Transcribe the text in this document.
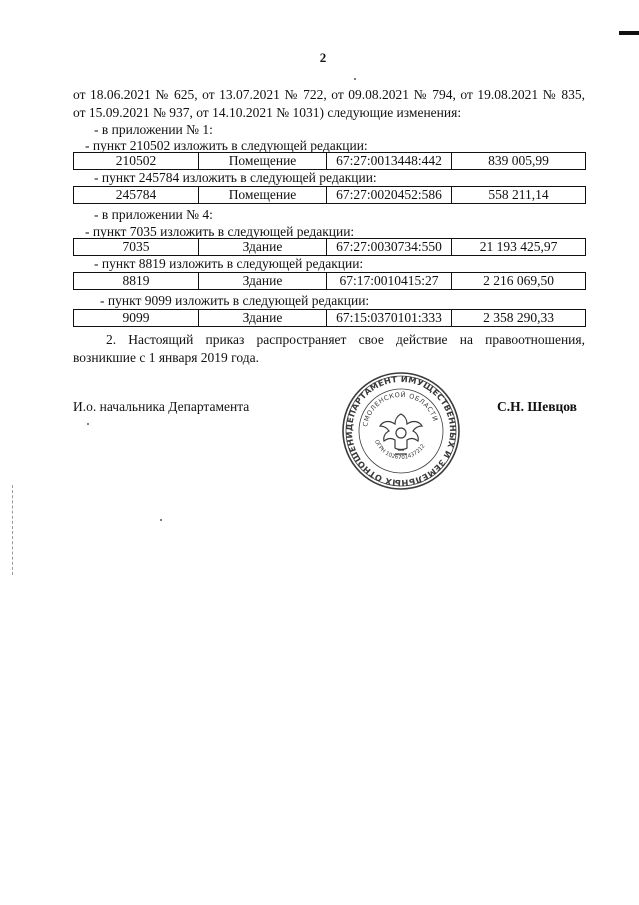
2
от 18.06.2021 № 625, от 13.07.2021 № 722, от 09.08.2021 № 794, от 19.08.2021 № 835,
от 15.09.2021 № 937, от 14.10.2021 № 1031) следующие изменения:
- в приложении № 1:
- пункт 210502 изложить в следующей редакции:
210502	Помещение	67:27:0013448:442	839 005,99
- пункт 245784 изложить в следующей редакции:
245784	Помещение	67:27:0020452:586	558 211,14
- в приложении № 4:
- пункт 7035 изложить в следующей редакции:
7035	Здание	67:27:0030734:550	21 193 425,97
- пункт 8819 изложить в следующей редакции:
8819	Здание	67:17:0010415:27	2 216 069,50
- пункт 9099 изложить в следующей редакции:
9099	Здание	67:15:0370101:333	2 358 290,33
2. Настоящий приказ распространяет свое действие на правоотношения,
возникшие с 1 января 2019 года.
И.о. начальника Департамента
ДЕПАРТАМЕНТ ИМУЩЕСТВЕННЫХ И ЗЕМЕЛЬНЫХ ОТНОШЕНИ
СМОЛЕНСКОЙ ОБЛАСТИ
ОГРН 1026701437212
С.Н. Шевцов
